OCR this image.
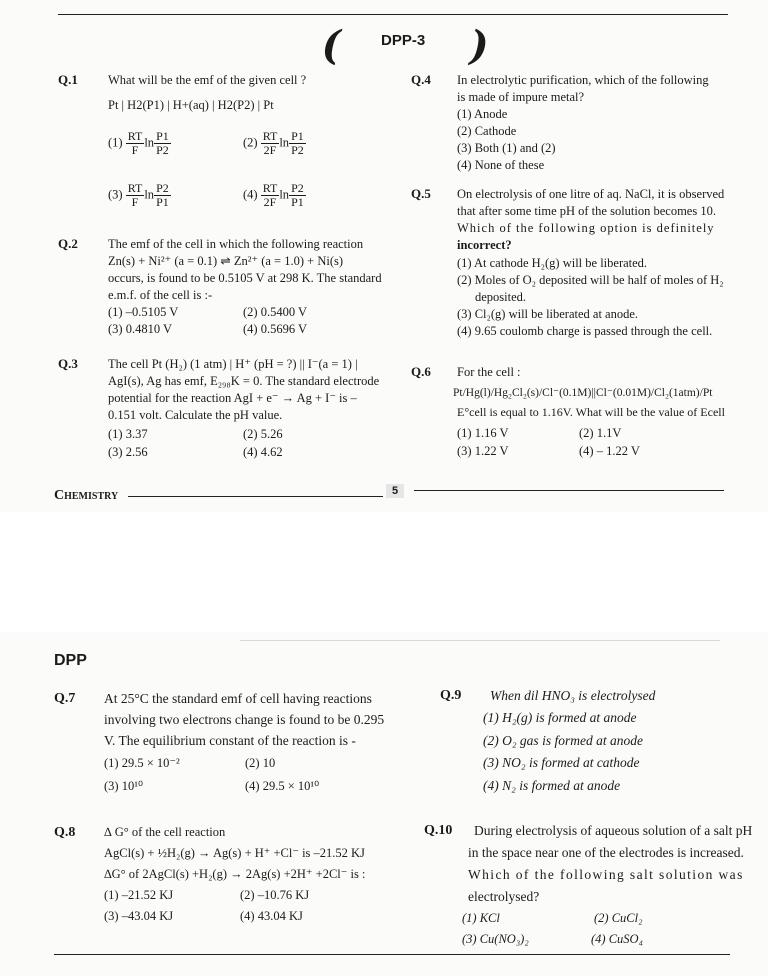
( DPP-3 )
Q.1 What will be the emf of the given cell ?
Pt | H2(P1) | H+(aq) | H2(P2) | Pt
$(1) \frac{RT}{F}$ $\ln \frac{P1}{P2}$	$(2) \frac{RT}{2F}$ $\ln \frac{P1}{P2}$
$(3) \frac{RT}{F}$ $\ln \frac{P2}{P1}$	$(4) \frac{RT}{2F}$ $\ln \frac{P2}{P1}$
Q.2 The emf of the cell in which the following reaction
Zn(s) + Ni²⁺ (a = 0.1) ⇌ Zn²⁺ (a = 1.0) + Ni(s)
occurs, is found to be 0.5105 V at 298 K. The standard
e.m.f. of the cell is :-
(1) –0.5105 V	(2) 0.5400 V
(3) 0.4810 V	(4) 0.5696 V
Q.3 The cell Pt (H₂) (1 atm) | H⁺ (pH = ?) || I⁻(a = 1) |
AgI(s), Ag has emf, E₂₉₈K = 0. The standard electrode
potential for the reaction AgI + e⁻ → Ag + I⁻ is –
0.151 volt. Calculate the pH value.
(1) 3.37	(2) 5.26
(3) 2.56	(4) 4.62
Q.4 In electrolytic purification, which of the following
is made of impure metal?
(1) Anode
(2) Cathode
(3) Both (1) and (2)
(4) None of these
Q.5 On electrolysis of one litre of aq. NaCl, it is observed
that after some time pH of the solution becomes 10.
Which of the following option is definitely
incorrect?
(1) At cathode H₂(g) will be liberated.
(2) Moles of O₂ deposited will be half of moles of H₂
deposited.
(3) Cl₂(g) will be liberated at anode.
(4) 9.65 coulomb charge is passed through the cell.
Q.6 For the cell :
Pt/Hg(l)/Hg₂Cl₂(s)/Cl⁻(0.1M)||Cl⁻(0.01M)/Cl₂(1atm)/Pt
E°cell is equal to 1.16V. What will be the value of Ecell
(1) 1.16 V	(2) 1.1V
(3) 1.22 V	(4) – 1.22 V
Chemistry	5
DPP
Q.7 At 25°C the standard emf of cell having reactions
involving two electrons change is found to be 0.295
V. The equilibrium constant of the reaction is -
(1) 29.5 × 10⁻²	(2) 10
(3) 10¹⁰	(4) 29.5 × 10¹⁰
Q.8 ∆ G° of the cell reaction
AgCl(s) + ½H₂(g) → Ag(s) + H⁺ +Cl⁻ is –21.52 KJ
∆G° of 2AgCl(s) +H₂(g) → 2Ag(s) +2H⁺ +2Cl⁻ is :
(1) –21.52 KJ	(2) –10.76 KJ
(3) –43.04 KJ	(4) 43.04 KJ
Q.9 When dil HNO₃ is electrolysed
(1) H₂(g) is formed at anode
(2) O₂ gas is formed at anode
(3) NO₂ is formed at cathode
(4) N₂ is formed at anode
Q.10 During electrolysis of aqueous solution of a salt pH
in the space near one of the electrodes is increased.
Which of the following salt solution was
electrolysed?
(1) KCl	(2) CuCl₂
(3) Cu(NO₃)₂	(4) CuSO₄
